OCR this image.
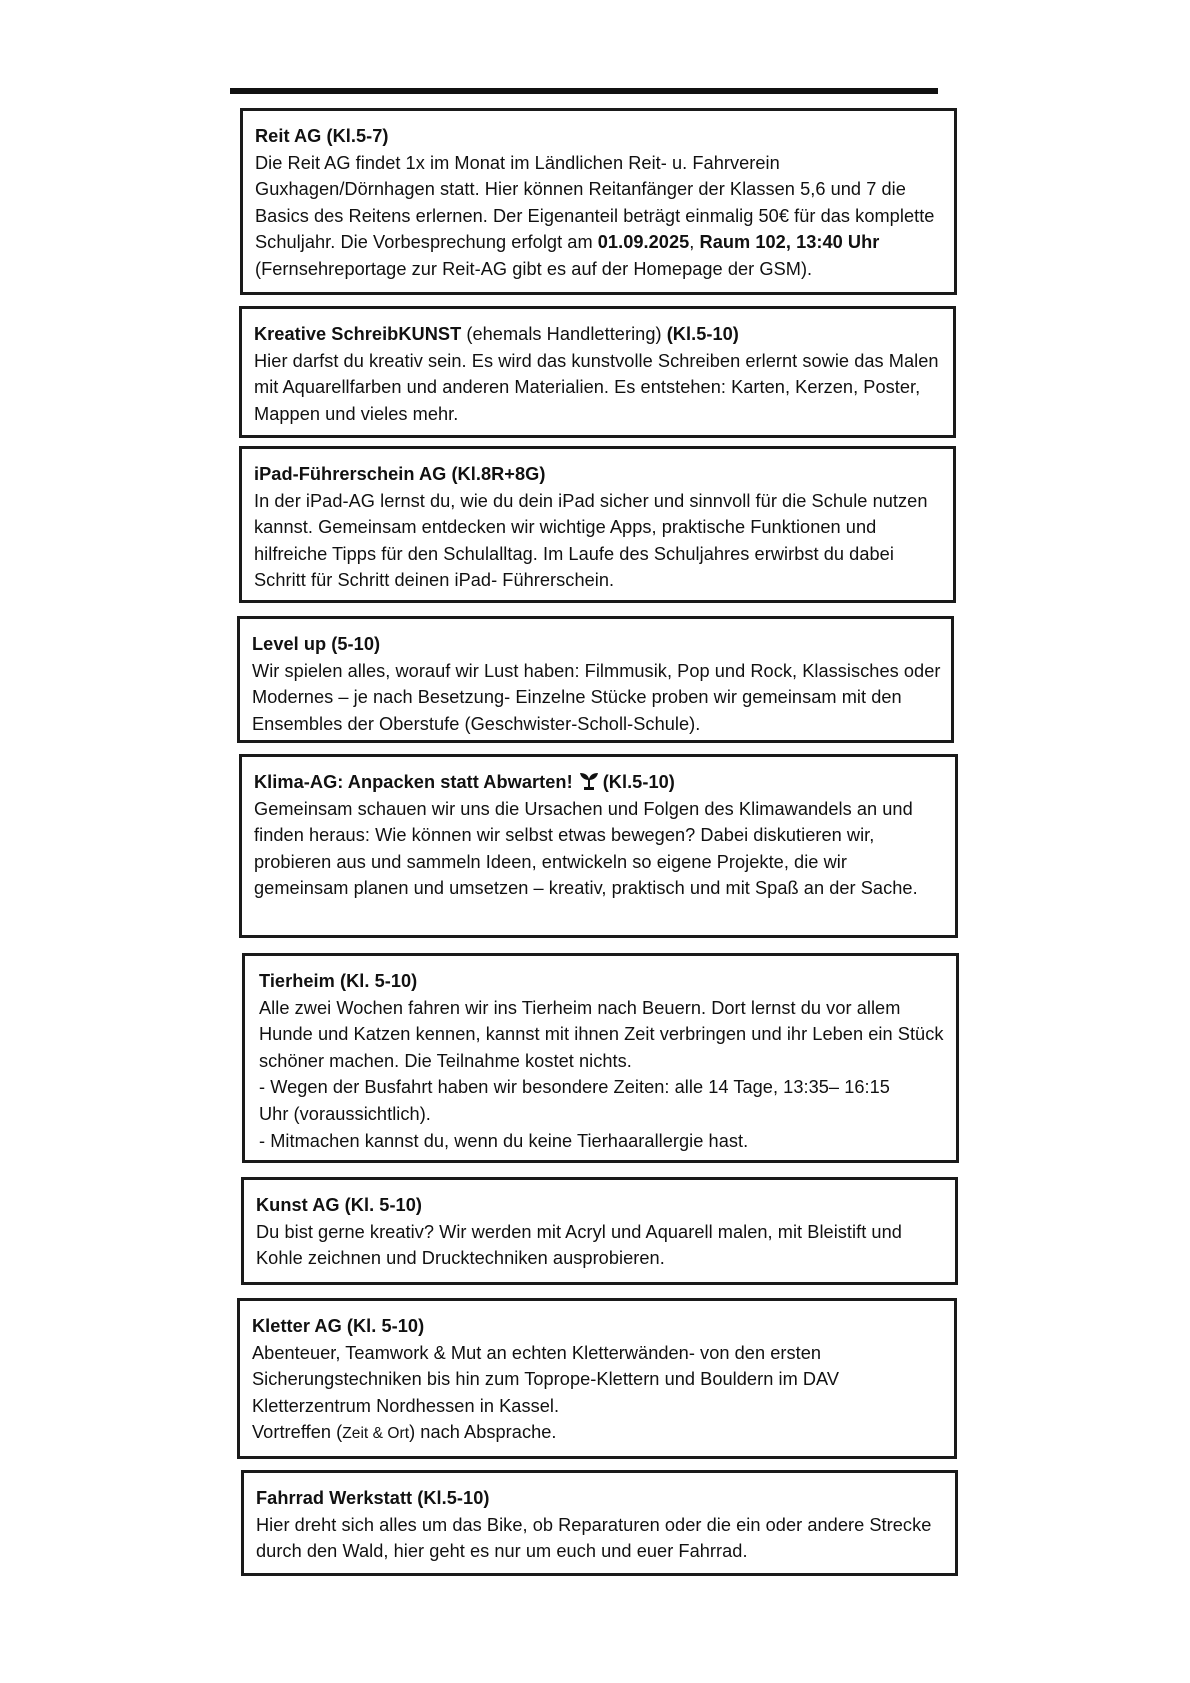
Reit AG (Kl.5-7)

Die Reit AG findet 1x im Monat im Ländlichen Reit- u. Fahrverein Guxhagen/Dörnhagen statt. Hier können Reitanfänger der Klassen 5,6 und 7 die Basics des Reitens erlernen. Der Eigenanteil beträgt einmalig 50€ für das komplette Schuljahr. Die Vorbesprechung erfolgt am 01.09.2025, Raum 102, 13:40 Uhr (Fernsehreportage zur Reit-AG gibt es auf der Homepage der GSM).

Kreative SchreibKUNST (ehemals Handlettering) (Kl.5-10)

Hier darfst du kreativ sein. Es wird das kunstvolle Schreiben erlernt sowie das Malen mit Aquarellfarben und anderen Materialien. Es entstehen: Karten, Kerzen, Poster, Mappen und vieles mehr.

iPad-Führerschein AG (Kl.8R+8G)

In der iPad-AG lernst du, wie du dein iPad sicher und sinnvoll für die Schule nutzen kannst. Gemeinsam entdecken wir wichtige Apps, praktische Funktionen und hilfreiche Tipps für den Schulalltag. Im Laufe des Schuljahres erwirbst du dabei Schritt für Schritt deinen iPad- Führerschein.

Level up (5-10)

Wir spielen alles, worauf wir Lust haben: Filmmusik, Pop und Rock, Klassisches oder Modernes – je nach Besetzung- Einzelne Stücke proben wir gemeinsam mit den Ensembles der Oberstufe (Geschwister-Scholl-Schule).

Klima-AG: Anpacken statt Abwarten! (Kl.5-10)

Gemeinsam schauen wir uns die Ursachen und Folgen des Klimawandels an und finden heraus: Wie können wir selbst etwas bewegen? Dabei diskutieren wir, probieren aus und sammeln Ideen, entwickeln so eigene Projekte, die wir gemeinsam planen und umsetzen – kreativ, praktisch und mit Spaß an der Sache.

Tierheim (Kl. 5-10)

Alle zwei Wochen fahren wir ins Tierheim nach Beuern. Dort lernst du vor allem Hunde und Katzen kennen, kannst mit ihnen Zeit verbringen und ihr Leben ein Stück schöner machen. Die Teilnahme kostet nichts.

- Wegen der Busfahrt haben wir besondere Zeiten: alle 14 Tage, 13:35– 16:15

Uhr (voraussichtlich).

- Mitmachen kannst du, wenn du keine Tierhaarallergie hast.

Kunst AG (Kl. 5-10)

Du bist gerne kreativ? Wir werden mit Acryl und Aquarell malen, mit Bleistift und Kohle zeichnen und Drucktechniken ausprobieren.

Kletter AG (Kl. 5-10)

Abenteuer, Teamwork & Mut an echten Kletterwänden- von den ersten Sicherungstechniken bis hin zum Toprope-Klettern und Bouldern im DAV Kletterzentrum Nordhessen in Kassel.

Vortreffen (Zeit & Ort) nach Absprache.

Fahrrad Werkstatt (Kl.5-10)

Hier dreht sich alles um das Bike, ob Reparaturen oder die ein oder andere Strecke durch den Wald, hier geht es nur um euch und euer Fahrrad.
